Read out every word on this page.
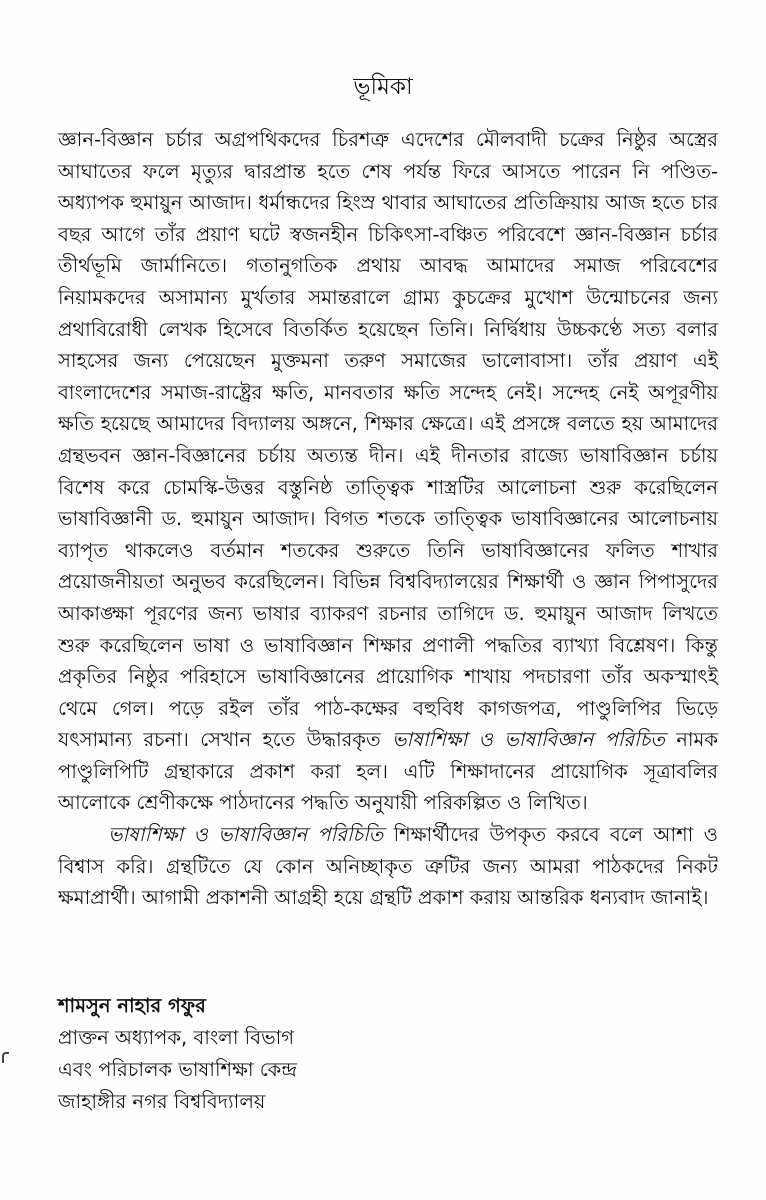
ভূমিকা

জ্ঞান-বিজ্ঞান চর্চার অগ্রপথিকদের চিরশত্রু এদেশের মৌলবাদী চক্রের নিষ্ঠুর অস্ত্রের আঘাতের ফলে মৃত্যুর দ্বারপ্রান্ত হতে শেষ পর্যন্ত ফিরে আসতে পারেন নি পণ্ডিত-অধ্যাপক হুমায়ুন আজাদ। ধর্মান্ধদের হিংস্র থাবার আঘাতের প্রতিক্রিয়ায় আজ হতে চার বছর আগে তাঁর প্রয়াণ ঘটে স্বজনহীন চিকিৎসা-বঞ্চিত পরিবেশে জ্ঞান-বিজ্ঞান চর্চার তীর্থভূমি জার্মানিতে। গতানুগতিক প্রথায় আবদ্ধ আমাদের সমাজ পরিবেশের নিয়ামকদের অসামান্য মুর্খতার সমান্তরালে গ্রাম্য কুচক্রের মুখোশ উন্মোচনের জন্য প্রথাবিরোধী লেখক হিসেবে বিতর্কিত হয়েছেন তিনি। নির্দ্বিধায় উচ্চকণ্ঠে সত্য বলার সাহসের জন্য পেয়েছেন মুক্তমনা তরুণ সমাজের ভালোবাসা। তাঁর প্রয়াণ এই বাংলাদেশের সমাজ-রাষ্ট্রের ক্ষতি, মানবতার ক্ষতি সন্দেহ নেই। সন্দেহ নেই অপূরণীয় ক্ষতি হয়েছে আমাদের বিদ্যালয় অঙ্গনে, শিক্ষার ক্ষেত্রে। এই প্রসঙ্গে বলতে হয় আমাদের গ্রন্থভবন জ্ঞান-বিজ্ঞানের চর্চায় অত্যন্ত দীন। এই দীনতার রাজ্যে ভাষাবিজ্ঞান চর্চায় বিশেষ করে চোমস্কি-উত্তর বস্তুনিষ্ঠ তাত্ত্বিক শাস্ত্রটির আলোচনা শুরু করেছিলেন ভাষাবিজ্ঞানী ড. হুমায়ুন আজাদ। বিগত শতকে তাত্ত্বিক ভাষাবিজ্ঞানের আলোচনায় ব্যাপৃত থাকলেও বর্তমান শতকের শুরুতে তিনি ভাষাবিজ্ঞানের ফলিত শাখার প্রয়োজনীয়তা অনুভব করেছিলেন। বিভিন্ন বিশ্ববিদ্যালয়ের শিক্ষার্থী ও জ্ঞান পিপাসুদের আকাঙ্ক্ষা পূরণের জন্য ভাষার ব্যাকরণ রচনার তাগিদে ড. হুমায়ুন আজাদ লিখতে শুরু করেছিলেন ভাষা ও ভাষাবিজ্ঞান শিক্ষার প্রণালী পদ্ধতির ব্যাখ্যা বিশ্লেষণ। কিন্তু প্রকৃতির নিষ্ঠুর পরিহাসে ভাষাবিজ্ঞানের প্রায়োগিক শাখায় পদচারণা তাঁর অকস্মাৎই থেমে গেল। পড়ে রইল তাঁর পাঠ-কক্ষের বহুবিধ কাগজপত্র, পাণ্ডুলিপির ভিড়ে যৎসামান্য রচনা। সেখান হতে উদ্ধারকৃত ভাষাশিক্ষা ও ভাষাবিজ্ঞান পরিচিত নামক পাণ্ডুলিপিটি গ্রন্থাকারে প্রকাশ করা হল। এটি শিক্ষাদানের প্রায়োগিক সূত্রাবলির আলোকে শ্রেণীকক্ষে পাঠদানের পদ্ধতি অনুযায়ী পরিকল্পিত ও লিখিত।

ভাষাশিক্ষা ও ভাষাবিজ্ঞান পরিচিতি শিক্ষার্থীদের উপকৃত করবে বলে আশা ও বিশ্বাস করি। গ্রন্থটিতে যে কোন অনিচ্ছাকৃত ত্রুটির জন্য আমরা পাঠকদের নিকট ক্ষমাপ্রার্থী। আগামী প্রকাশনী আগ্রহী হয়ে গ্রন্থটি প্রকাশ করায় আন্তরিক ধন্যবাদ জানাই।

শামসুন নাহার গফুর
প্রাক্তন অধ্যাপক, বাংলা বিভাগ
এবং পরিচালক ভাষাশিক্ষা কেন্দ্র
জাহাঙ্গীর নগর বিশ্ববিদ্যালয়
